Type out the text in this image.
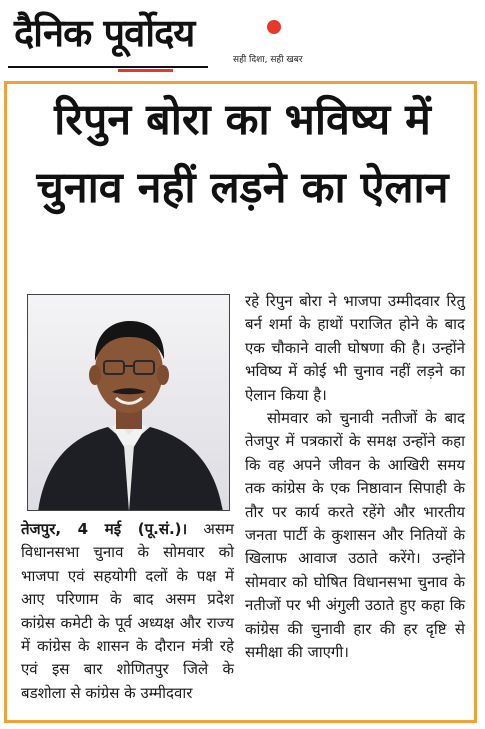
दैनिक पूर्वोदय
सही दिशा, सही खबर
रिपुन बोरा का भविष्य में चुनाव नहीं लड़ने का ऐलान

तेजपुर, 4 मई (पू.सं.)। असम विधानसभा चुनाव के सोमवार को भाजपा एवं सहयोगी दलों के पक्ष में आए परिणाम के बाद असम प्रदेश कांग्रेस कमेटी के पूर्व अध्यक्ष और राज्य में कांग्रेस के शासन के दौरान मंत्री रहे एवं इस बार शोणितपुर जिले के बडशोला से कांग्रेस के उम्मीदवार

रहे रिपुन बोरा ने भाजपा उम्मीदवार रितु बर्न शर्मा के हाथों पराजित होने के बाद एक चौकाने वाली घोषणा की है। उन्होंने भविष्य में कोई भी चुनाव नहीं लड़ने का ऐलान किया है।

सोमवार को चुनावी नतीजों के बाद तेजपुर में पत्रकारों के समक्ष उन्होंने कहा कि वह अपने जीवन के आखिरी समय तक कांग्रेस के एक निष्ठावान सिपाही के तौर पर कार्य करते रहेंगे और भारतीय जनता पार्टी के कुशासन और नितियों के खिलाफ आवाज उठाते करेंगे। उन्होंने सोमवार को घोषित विधानसभा चुनाव के नतीजों पर भी अंगुली उठाते हुए कहा कि कांग्रेस की चुनावी हार की हर दृष्टि से समीक्षा की जाएगी।
